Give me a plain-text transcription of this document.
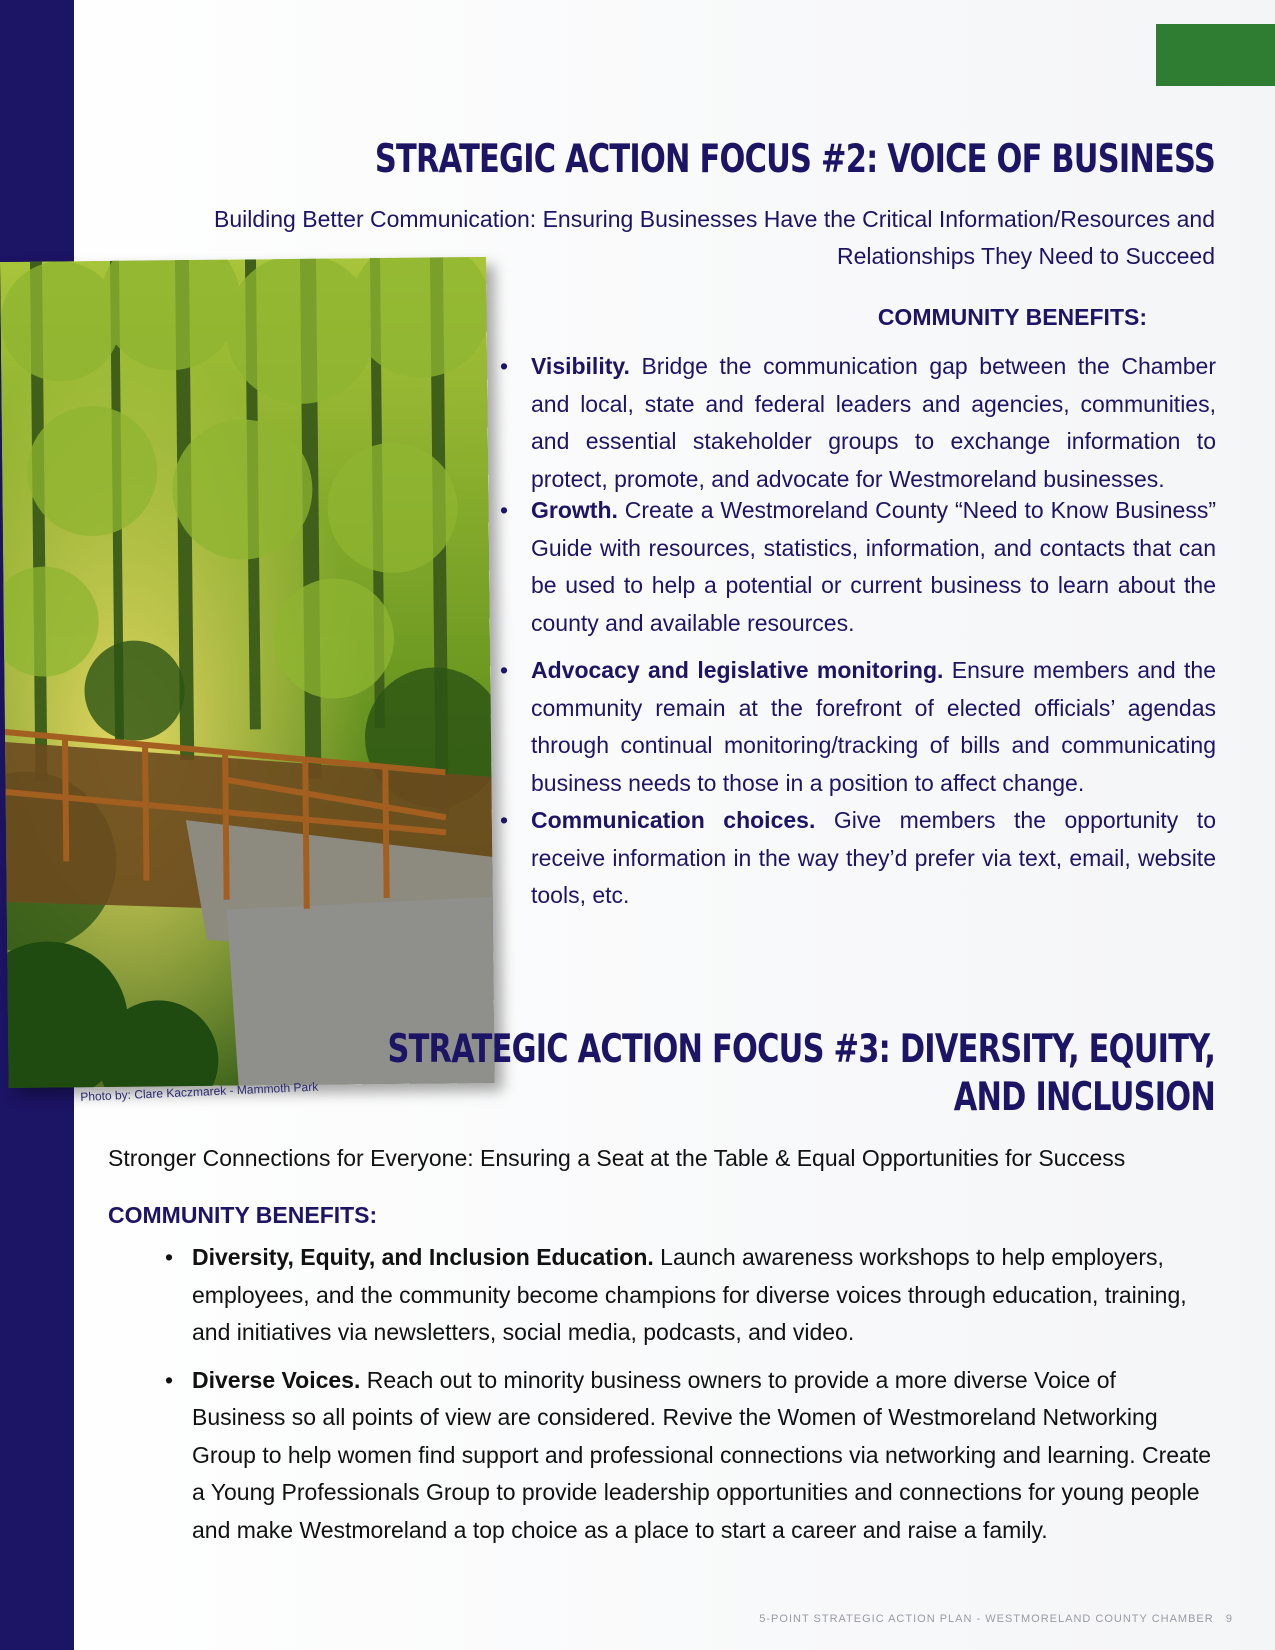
STRATEGIC ACTION FOCUS #2: VOICE OF BUSINESS
Building Better Communication: Ensuring Businesses Have the Critical Information/Resources and Relationships They Need to Succeed
COMMUNITY BENEFITS:
Photo by: Clare Kaczmarek - Mammoth Park
• Visibility. Bridge the communication gap between the Chamber and local, state and federal leaders and agencies, communities, and essential stakeholder groups to exchange information to protect, promote, and advocate for Westmoreland businesses.
• Growth. Create a Westmoreland County “Need to Know Business” Guide with resources, statistics, information, and contacts that can be used to help a potential or current business to learn about the county and available resources.
• Advocacy and legislative monitoring. Ensure members and the community remain at the forefront of elected officials’ agendas through continual monitoring/tracking of bills and communicating business needs to those in a position to affect change.
• Communication choices. Give members the opportunity to receive information in the way they’d prefer via text, email, website tools, etc.
STRATEGIC ACTION FOCUS #3: DIVERSITY, EQUITY,
AND INCLUSION
Stronger Connections for Everyone: Ensuring a Seat at the Table & Equal Opportunities for Success
COMMUNITY BENEFITS:
• Diversity, Equity, and Inclusion Education. Launch awareness workshops to help employers, employees, and the community become champions for diverse voices through education, training, and initiatives via newsletters, social media, podcasts, and video.
• Diverse Voices. Reach out to minority business owners to provide a more diverse Voice of Business so all points of view are considered. Revive the Women of Westmoreland Networking Group to help women find support and professional connections via networking and learning. Create a Young Professionals Group to provide leadership opportunities and connections for young people and make Westmoreland a top choice as a place to start a career and raise a family.
5-POINT STRATEGIC ACTION PLAN - WESTMORELAND COUNTY CHAMBER 9
